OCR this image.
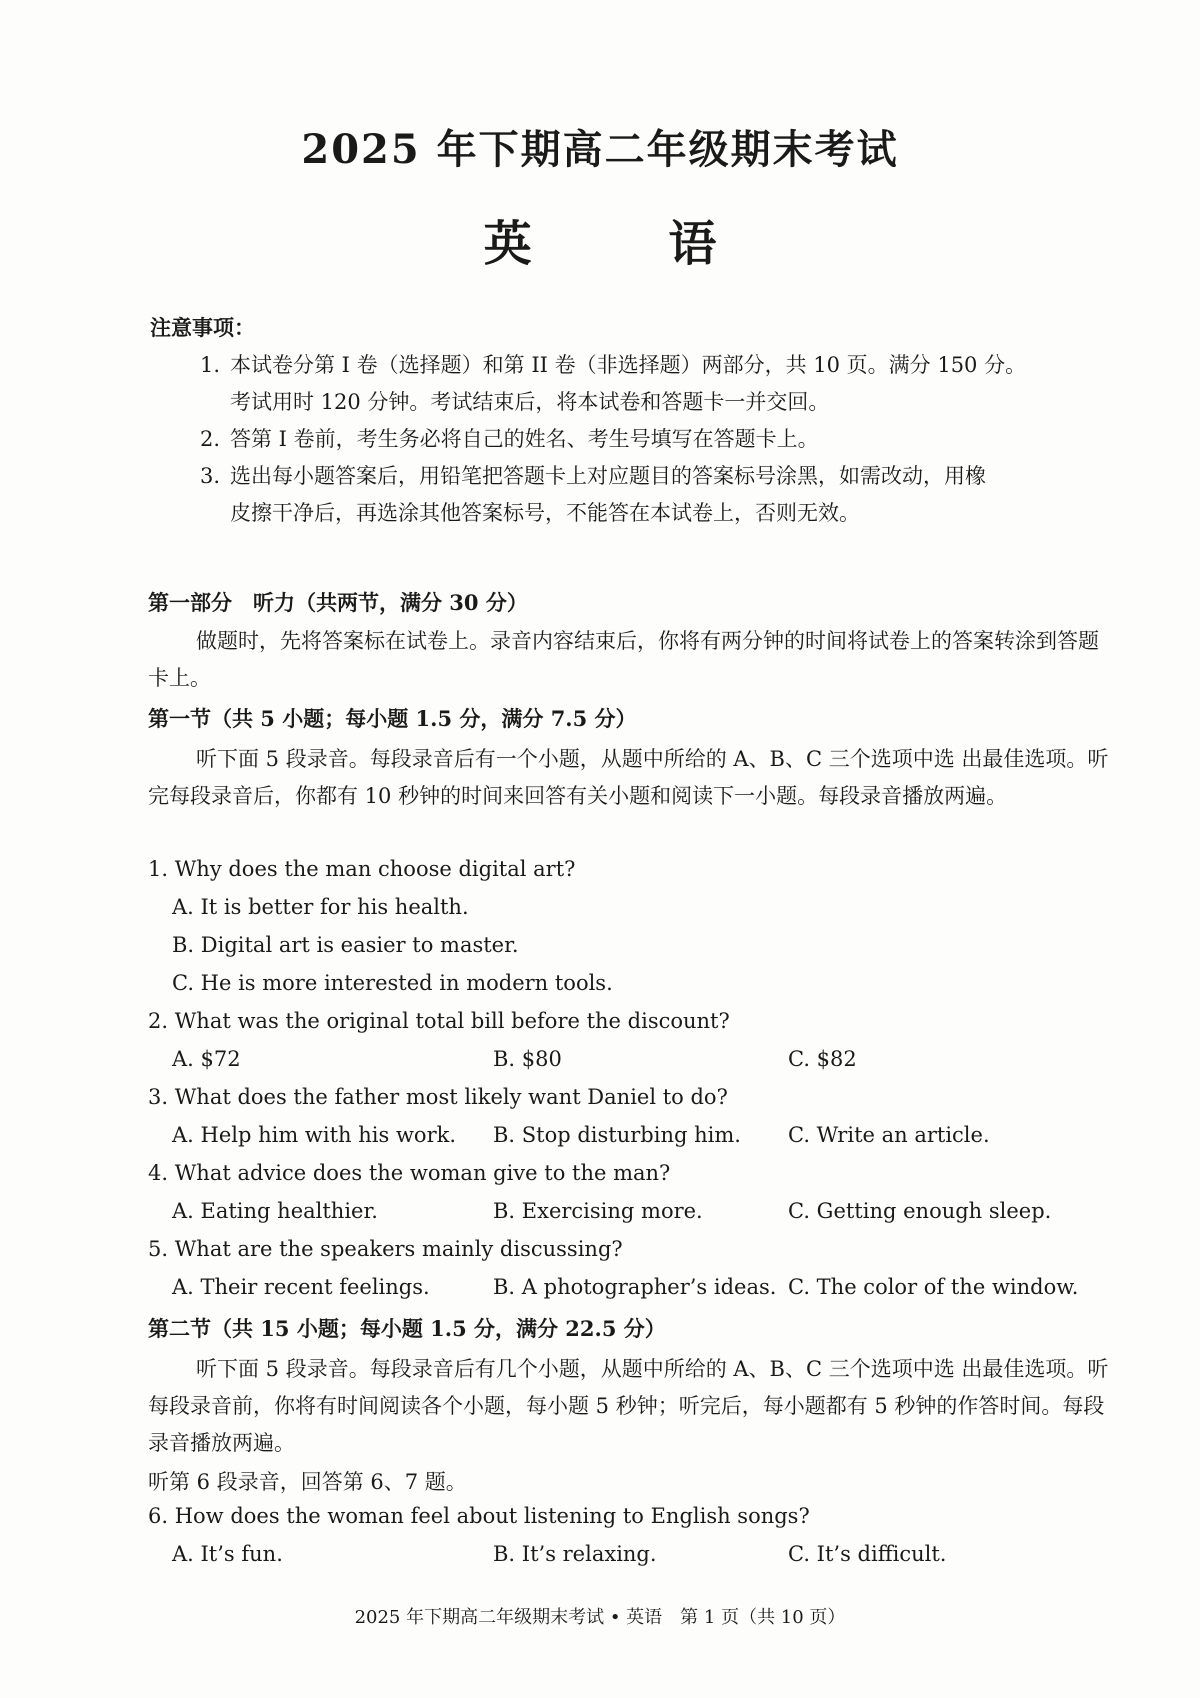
2025 年下期高二年级期末考试
英 语
注意事项：
1. 本试卷分第 I 卷（选择题）和第 II 卷（非选择题）两部分，共 10 页。满分 150 分。
考试用时 120 分钟。考试结束后，将本试卷和答题卡一并交回。
2. 答第 I 卷前，考生务必将自己的姓名、考生号填写在答题卡上。
3. 选出每小题答案后，用铅笔把答题卡上对应题目的答案标号涂黑，如需改动，用橡
皮擦干净后，再选涂其他答案标号，不能答在本试卷上，否则无效。
第一部分　听力（共两节，满分 30 分）
做题时，先将答案标在试卷上。录音内容结束后，你将有两分钟的时间将试卷上的答案转涂到答题卡上。
第一节（共 5 小题；每小题 1.5 分，满分 7.5 分）
听下面 5 段录音。每段录音后有一个小题，从题中所给的 A、B、C 三个选项中选 出最佳选项。听完每段录音后，你都有 10 秒钟的时间来回答有关小题和阅读下一小题。每段录音播放两遍。
1. Why does the man choose digital art?
A. It is better for his health.
B. Digital art is easier to master.
C. He is more interested in modern tools.
2. What was the original total bill before the discount?
A. $72	B. $80	C. $82
3. What does the father most likely want Daniel to do?
A. Help him with his work. B. Stop disturbing him. C. Write an article.
4. What advice does the woman give to the man?
A. Eating healthier.	B. Exercising more.	C. Getting enough sleep.
5. What are the speakers mainly discussing?
A. Their recent feelings.	B. A photographer’s ideas. C. The color of the window.
第二节（共 15 小题；每小题 1.5 分，满分 22.5 分）
听下面 5 段录音。每段录音后有几个小题，从题中所给的 A、B、C 三个选项中选 出最佳选项。听每段录音前，你将有时间阅读各个小题，每小题 5 秒钟；听完后，每小题都有 5 秒钟的作答时间。每段录音播放两遍。
听第 6 段录音，回答第 6、7 题。
6. How does the woman feel about listening to English songs?
A. It’s fun.	B. It’s relaxing.	C. It’s difficult.
2025 年下期高二年级期末考试 • 英语　第 1 页（共 10 页）
